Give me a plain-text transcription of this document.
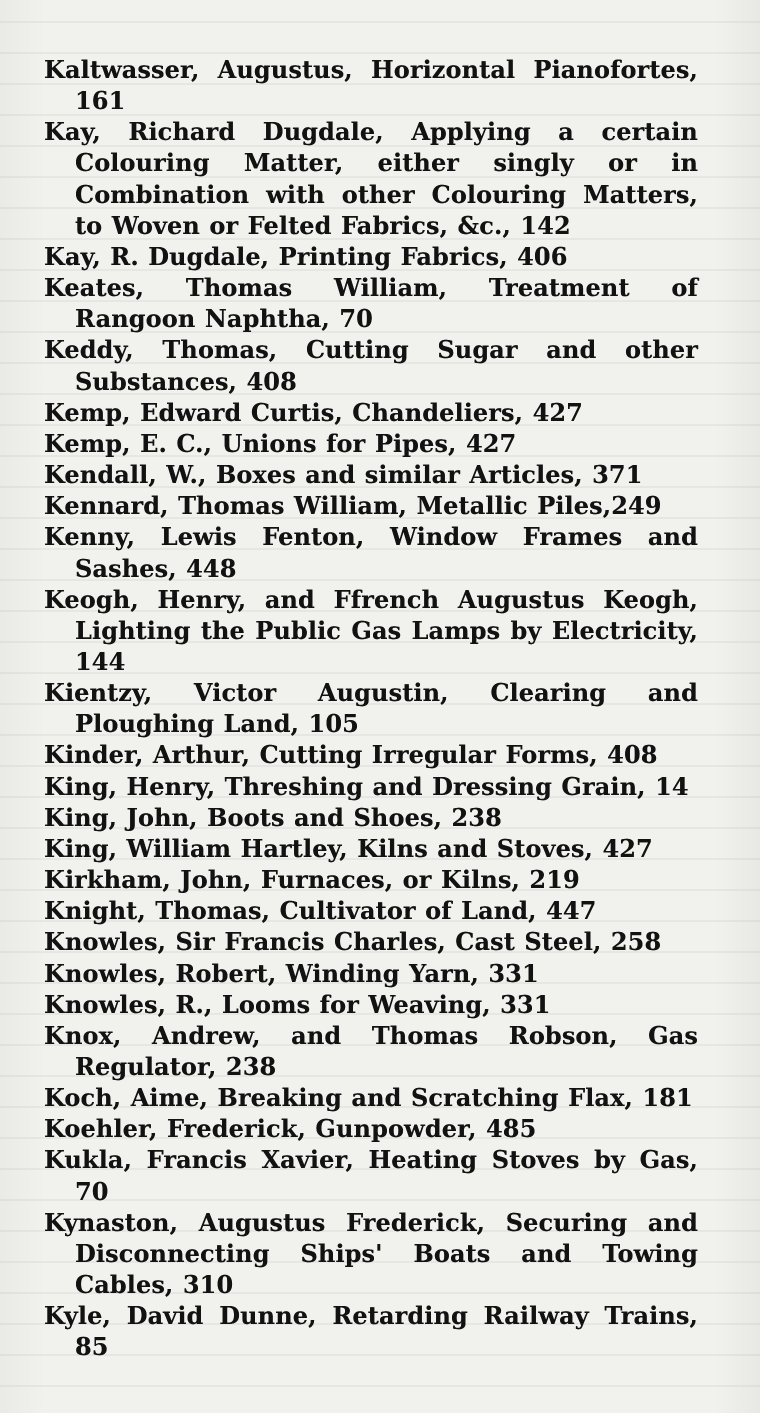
Kaltwasser, Augustus, Horizontal Pianofortes, 161
Kay, Richard Dugdale, Applying a certain Colouring Matter, either singly or in Combination with other Colouring Matters, to Woven or Felted Fabrics, &c., 142
Kay, R. Dugdale, Printing Fabrics, 406
Keates, Thomas William, Treatment of Rangoon Naphtha, 70
Keddy, Thomas, Cutting Sugar and other Substances, 408
Kemp, Edward Curtis, Chandeliers, 427
Kemp, E. C., Unions for Pipes, 427
Kendall, W., Boxes and similar Articles, 371
Kennard, Thomas William, Metallic Piles,249
Kenny, Lewis Fenton, Window Frames and Sashes, 448
Keogh, Henry, and Ffrench Augustus Keogh, Lighting the Public Gas Lamps by Electricity, 144
Kientzy, Victor Augustin, Clearing and Ploughing Land, 105
Kinder, Arthur, Cutting Irregular Forms, 408
King, Henry, Threshing and Dressing Grain, 14
King, John, Boots and Shoes, 238
King, William Hartley, Kilns and Stoves, 427
Kirkham, John, Furnaces, or Kilns, 219
Knight, Thomas, Cultivator of Land, 447
Knowles, Sir Francis Charles, Cast Steel, 258
Knowles, Robert, Winding Yarn, 331
Knowles, R., Looms for Weaving, 331
Knox, Andrew, and Thomas Robson, Gas Regulator, 238
Koch, Aime, Breaking and Scratching Flax, 181
Koehler, Frederick, Gunpowder, 485
Kukla, Francis Xavier, Heating Stoves by Gas, 70
Kynaston, Augustus Frederick, Securing and Disconnecting Ships' Boats and Towing Cables, 310
Kyle, David Dunne, Retarding Railway Trains, 85
